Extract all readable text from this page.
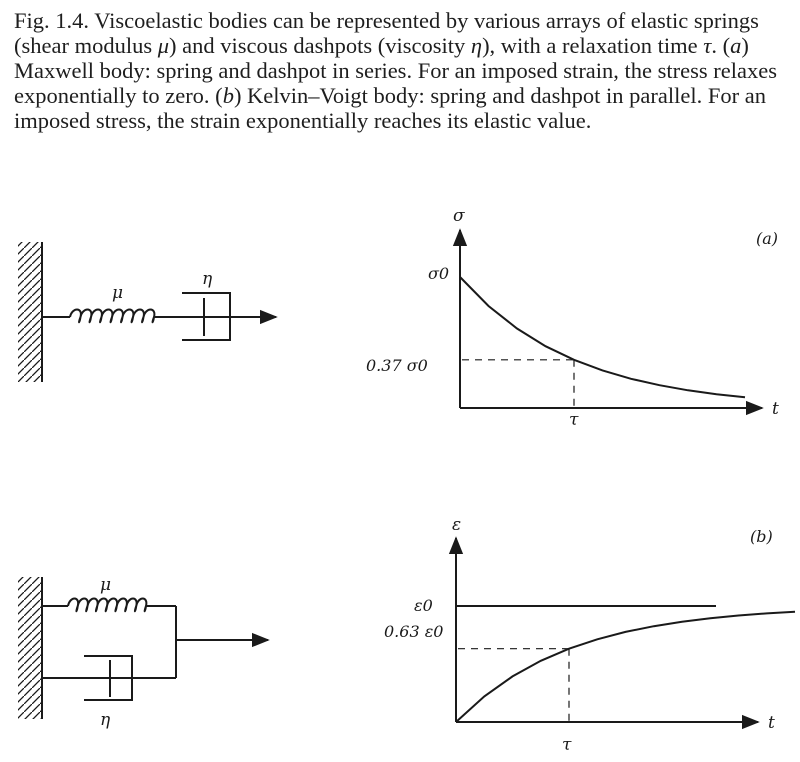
Fig. 1.4. Viscoelastic bodies can be represented by various arrays of elastic springs (shear modulus μ) and viscous dashpots (viscosity η), with a relaxation time τ. (a) Maxwell body: spring and dashpot in series. For an imposed strain, the stress relaxes exponentially to zero. (b) Kelvin–Voigt body: spring and dashpot in parallel. For an imposed stress, the strain exponentially reaches its elastic value.

μ
η
σ
t
σ0
0.37 σ0
τ
(a)
μ
η
ε
t
ε0
0.63 ε0
τ
(b)
